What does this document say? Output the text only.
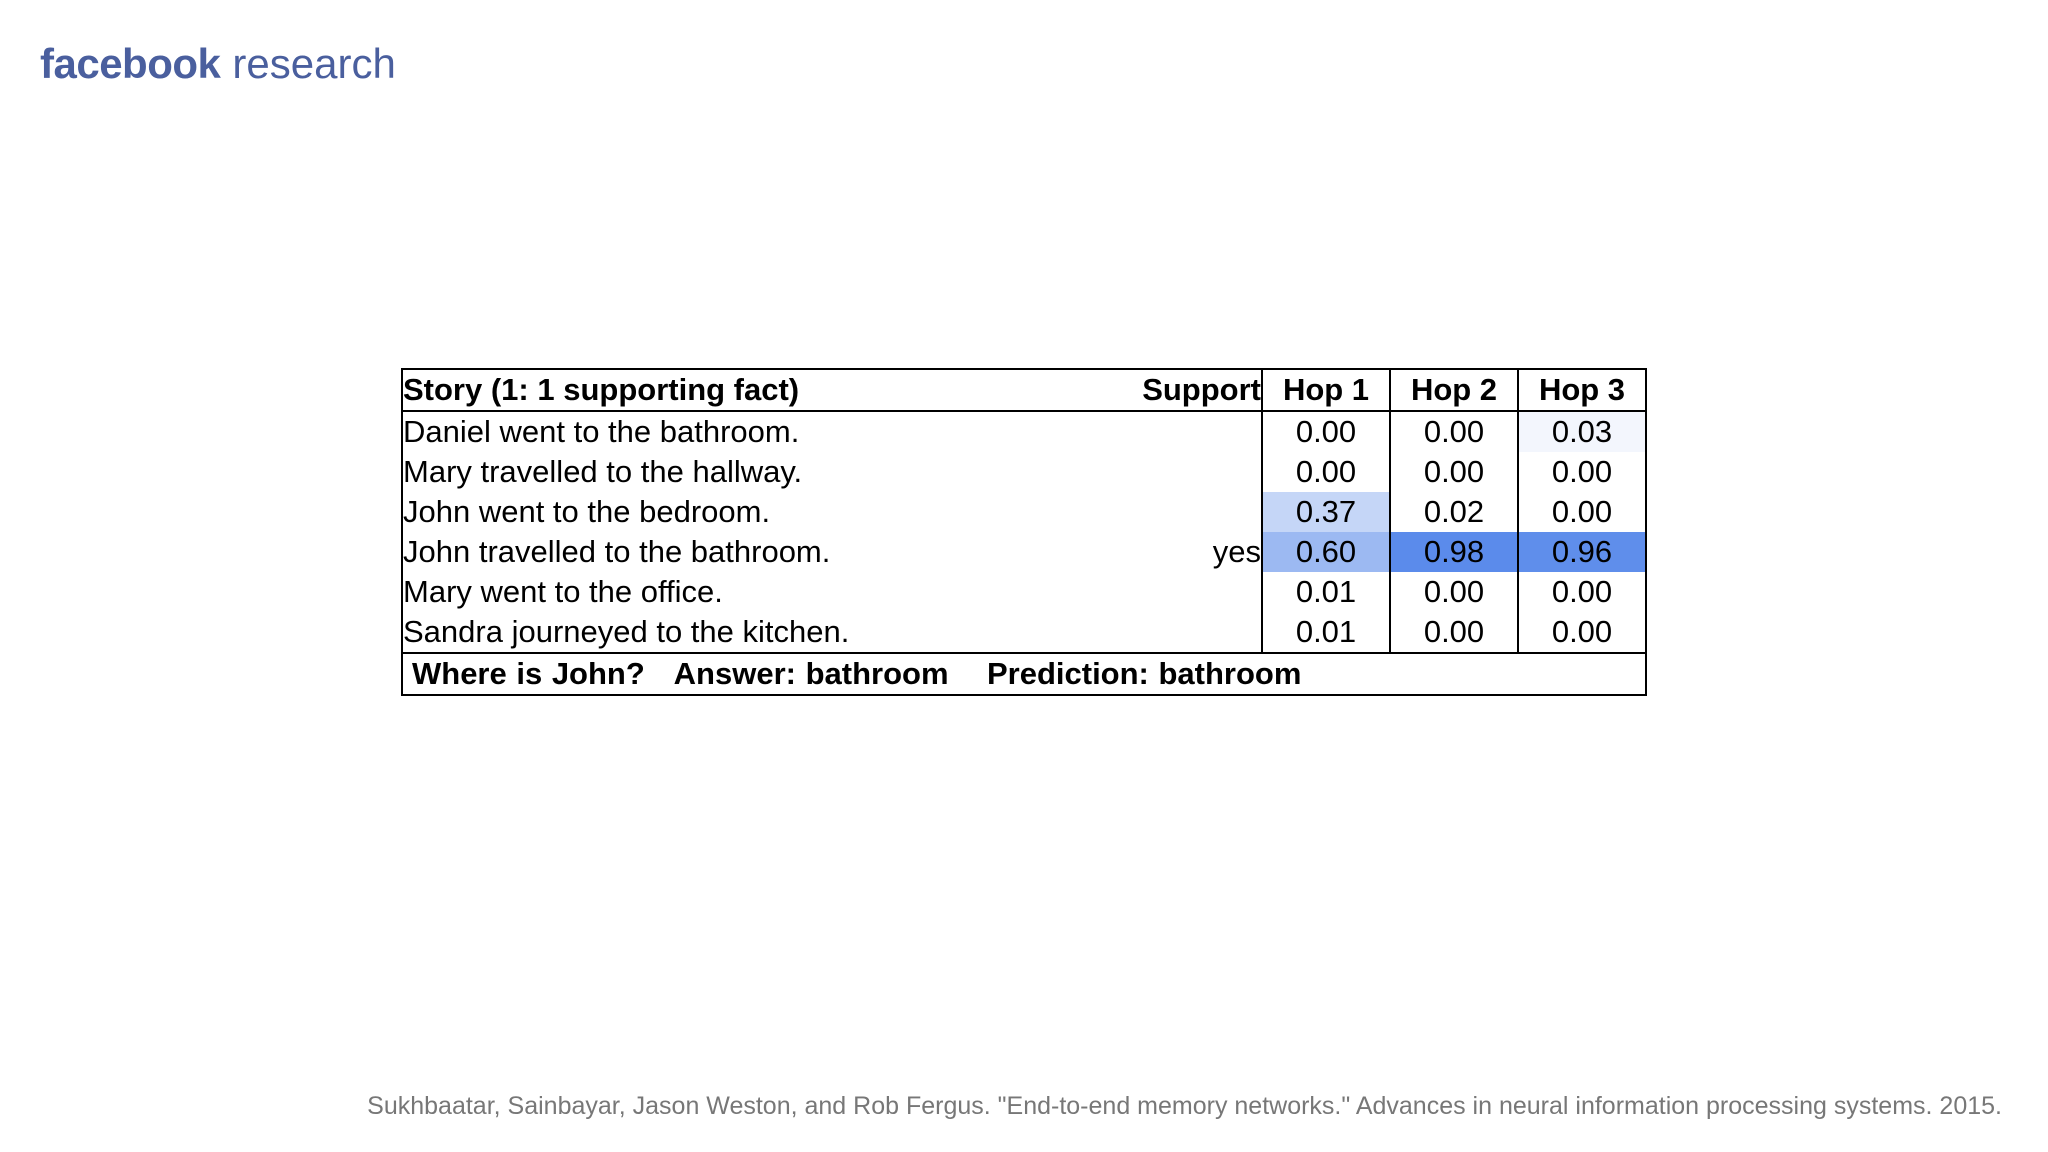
facebook research
Story (1: 1 supporting fact)	Support	Hop 1	Hop 2	Hop 3
Daniel went to the bathroom.		0.00	0.00	0.03
Mary travelled to the hallway.		0.00	0.00	0.00
John went to the bedroom.		0.37	0.02	0.00
John travelled to the bathroom.	yes	0.60	0.98	0.96
Mary went to the office.		0.01	0.00	0.00
Sandra journeyed to the kitchen.		0.01	0.00	0.00
Where is John? Answer: bathroom Prediction: bathroom				
Sukhbaatar, Sainbayar, Jason Weston, and Rob Fergus. "End-to-end memory networks." Advances in neural information processing systems. 2015.
